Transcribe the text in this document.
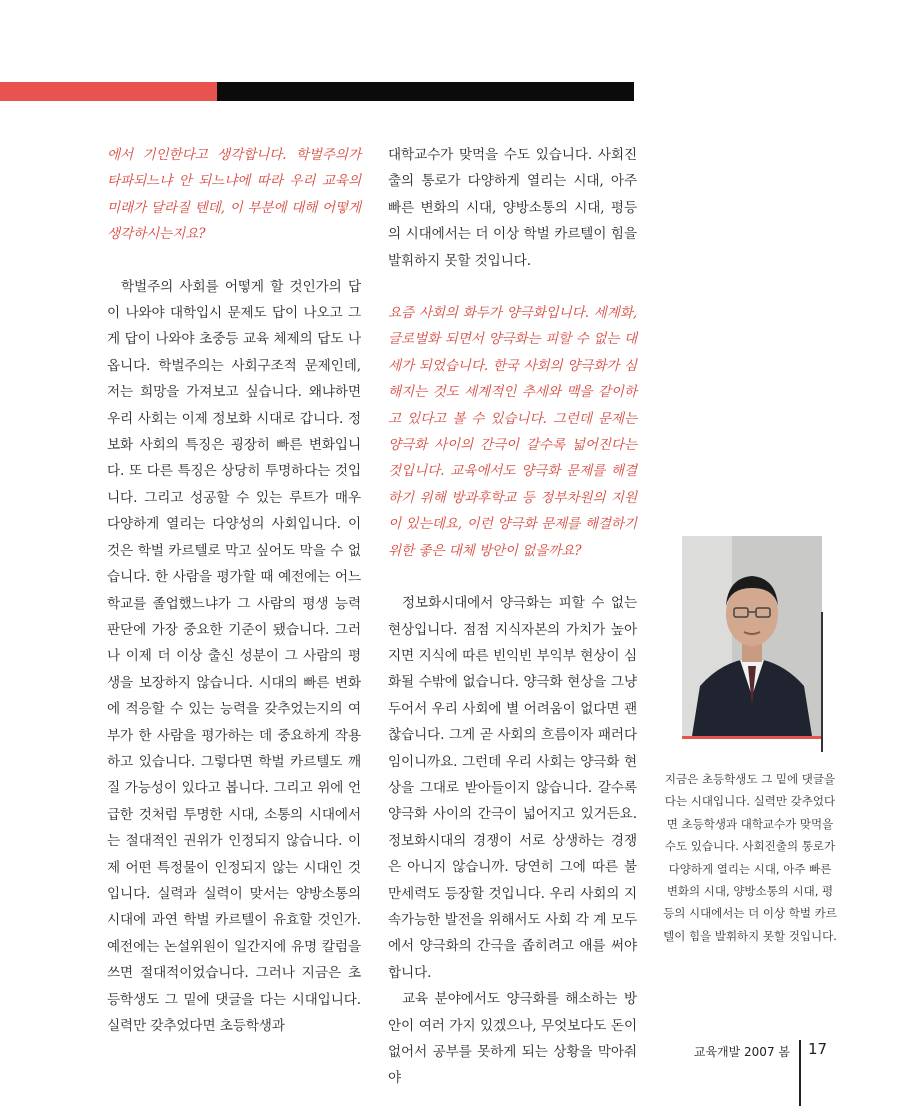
에서 기인한다고 생각합니다. 학벌주의가 타파되느냐 안 되느냐에 따라 우리 교육의 미래가 달라질 텐데, 이 부분에 대해 어떻게 생각하시는지요?

학벌주의 사회를 어떻게 할 것인가의 답이 나와야 대학입시 문제도 답이 나오고 그게 답이 나와야 초중등 교육 체제의 답도 나옵니다. 학벌주의는 사회구조적 문제인데, 저는 희망을 가져보고 싶습니다. 왜냐하면 우리 사회는 이제 정보화 시대로 갑니다. 정보화 사회의 특징은 굉장히 빠른 변화입니다. 또 다른 특징은 상당히 투명하다는 것입니다. 그리고 성공할 수 있는 루트가 매우 다양하게 열리는 다양성의 사회입니다. 이것은 학벌 카르텔로 막고 싶어도 막을 수 없습니다. 한 사람을 평가할 때 예전에는 어느 학교를 졸업했느냐가 그 사람의 평생 능력 판단에 가장 중요한 기준이 됐습니다. 그러나 이제 더 이상 출신 성분이 그 사람의 평생을 보장하지 않습니다. 시대의 빠른 변화에 적응할 수 있는 능력을 갖추었는지의 여부가 한 사람을 평가하는 데 중요하게 작용하고 있습니다. 그렇다면 학벌 카르텔도 깨질 가능성이 있다고 봅니다. 그리고 위에 언급한 것처럼 투명한 시대, 소통의 시대에서는 절대적인 권위가 인정되지 않습니다. 이제 어떤 특정물이 인정되지 않는 시대인 것입니다. 실력과 실력이 맞서는 양방소통의 시대에 과연 학벌 카르텔이 유효할 것인가. 예전에는 논설위원이 일간지에 유명 칼럼을 쓰면 절대적이었습니다. 그러나 지금은 초등학생도 그 밑에 댓글을 다는 시대입니다. 실력만 갖추었다면 초등학생과

대학교수가 맞먹을 수도 있습니다. 사회진출의 통로가 다양하게 열리는 시대, 아주 빠른 변화의 시대, 양방소통의 시대, 평등의 시대에서는 더 이상 학벌 카르텔이 힘을 발휘하지 못할 것입니다.

요즘 사회의 화두가 양극화입니다. 세계화, 글로벌화 되면서 양극화는 피할 수 없는 대세가 되었습니다. 한국 사회의 양극화가 심해지는 것도 세계적인 추세와 맥을 같이하고 있다고 볼 수 있습니다. 그런데 문제는 양극화 사이의 간극이 갈수록 넓어진다는 것입니다. 교육에서도 양극화 문제를 해결하기 위해 방과후학교 등 정부차원의 지원이 있는데요, 이런 양극화 문제를 해결하기 위한 좋은 대체 방안이 없을까요?

정보화시대에서 양극화는 피할 수 없는 현상입니다. 점점 지식자본의 가치가 높아지면 지식에 따른 빈익빈 부익부 현상이 심화될 수밖에 없습니다. 양극화 현상을 그냥 두어서 우리 사회에 별 어려움이 없다면 괜찮습니다. 그게 곧 사회의 흐름이자 패러다임이니까요. 그런데 우리 사회는 양극화 현상을 그대로 받아들이지 않습니다. 갈수록 양극화 사이의 간극이 넓어지고 있거든요. 정보화시대의 경쟁이 서로 상생하는 경쟁은 아니지 않습니까. 당연히 그에 따른 불만세력도 등장할 것입니다. 우리 사회의 지속가능한 발전을 위해서도 사회 각 계 모두에서 양극화의 간극을 좁히려고 애를 써야합니다.

교육 분야에서도 양극화를 해소하는 방안이 여러 가지 있겠으나, 무엇보다도 돈이 없어서 공부를 못하게 되는 상황을 막아줘야

지금은 초등학생도 그 밑에 댓글을 다는 시대입니다. 실력만 갖추었다면 초등학생과 대학교수가 맞먹을 수도 있습니다. 사회진출의 통로가 다양하게 열리는 시대, 아주 빠른 변화의 시대, 양방소통의 시대, 평등의 시대에서는 더 이상 학벌 카르텔이 힘을 발휘하지 못할 것입니다.

교육개발 2007 봄 17
